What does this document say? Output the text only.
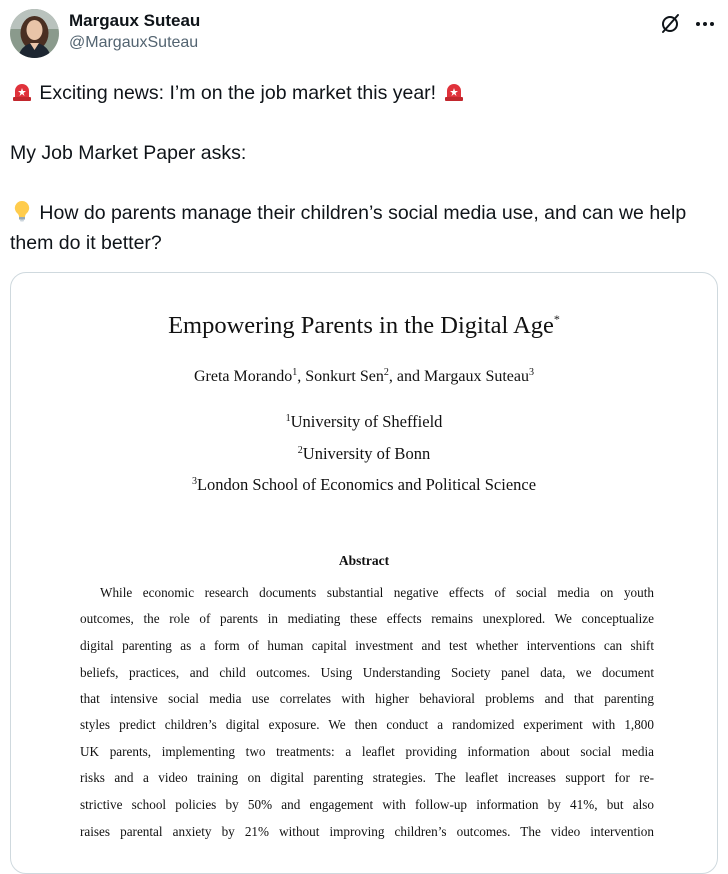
Margaux Suteau
@MargauxSuteau

Exciting news: I’m on the job market this year!

My Job Market Paper asks:

How do parents manage their children’s social media use, and can we help them do it better?

Empowering Parents in the Digital Age*
Greta Morando$^1$, Sonkurt Sen$^2$, and Margaux Suteau$^3$
$^1$University of Sheffield
$^2$University of Bonn
$^3$London School of Economics and Political Science
Abstract
While economic research documents substantial negative effects of social media on youth
outcomes, the role of parents in mediating these effects remains unexplored. We conceptualize
digital parenting as a form of human capital investment and test whether interventions can shift
beliefs, practices, and child outcomes. Using Understanding Society panel data, we document
that intensive social media use correlates with higher behavioral problems and that parenting
styles predict children’s digital exposure. We then conduct a randomized experiment with 1,800
UK parents, implementing two treatments: a leaflet providing information about social media
risks and a video training on digital parenting strategies. The leaflet increases support for re-
strictive school policies by 50% and engagement with follow-up information by 41%, but also
raises parental anxiety by 21% without improving children’s outcomes. The video intervention
